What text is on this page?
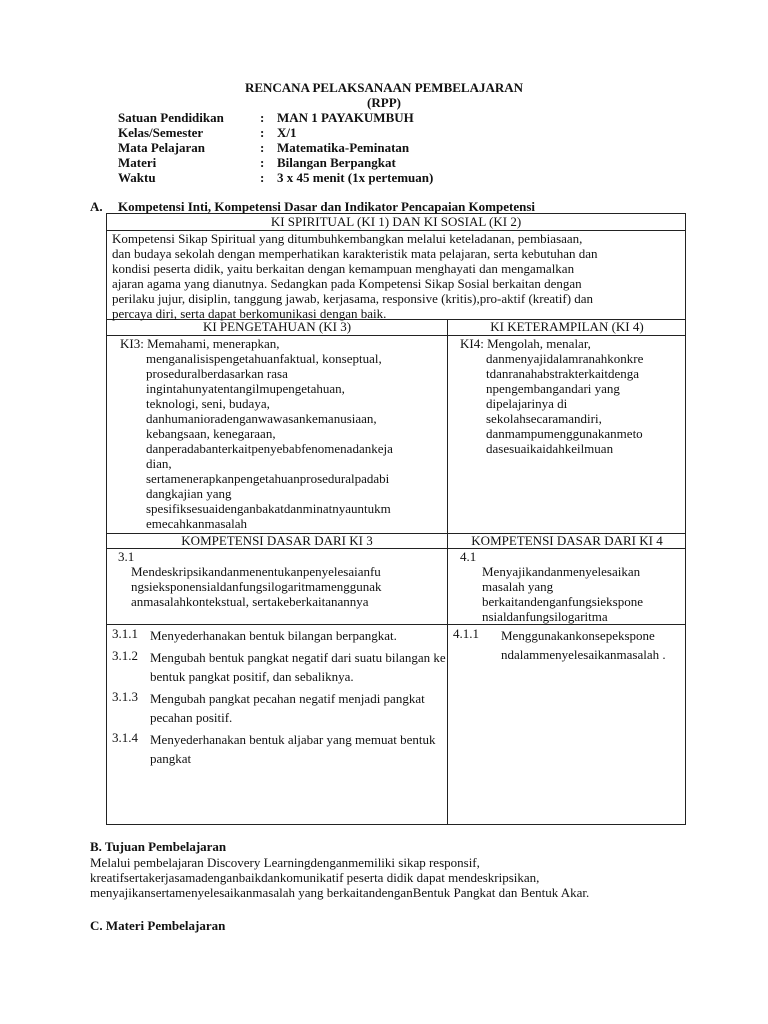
RENCANA PELAKSANAAN PEMBELAJARAN
(RPP)
Satuan Pendidikan	: MAN 1 PAYAKUMBUH
Kelas/Semester	: X/1
Mata Pelajaran	: Matematika-Peminatan
Materi	: Bilangan Berpangkat
Waktu	: 3 x 45 menit (1x pertemuan)
A. Kompetensi Inti, Kompetensi Dasar dan Indikator Pencapaian Kompetensi
KI SPIRITUAL (KI 1) DAN KI SOSIAL (KI 2)
Kompetensi Sikap Spiritual yang ditumbuhkembangkan melalui keteladanan, pembiasaan,
dan budaya sekolah dengan memperhatikan karakteristik mata pelajaran, serta kebutuhan dan
kondisi peserta didik, yaitu berkaitan dengan kemampuan menghayati dan mengamalkan
ajaran agama yang dianutnya. Sedangkan pada Kompetensi Sikap Sosial berkaitan dengan
perilaku jujur, disiplin, tanggung jawab, kerjasama, responsive (kritis),pro-aktif (kreatif) dan
percaya diri, serta dapat berkomunikasi dengan baik.
KI PENGETAHUAN (KI 3)	KI KETERAMPILAN (KI 4)
KI3: Memahami, menerapkan,
menganalisispengetahuanfaktual, konseptual,
proseduralberdasarkan rasa
ingintahunyatentangilmupengetahuan,
teknologi, seni, budaya,
danhumanioradenganwawasankemanusiaan,
kebangsaan, kenegaraan,
danperadabanterkaitpenyebabfenomenadankeja
dian,
sertamenerapkanpengetahuanproseduralpadabi
dangkajian yang
spesifiksesuaidenganbakatdanminatnyauntukm
emecahkanmasalah
KI4: Mengolah, menalar,
danmenyajidalamranahkonkre
tdanranahabstrakterkaitdenga
npengembangandari yang
dipelajarinya di
sekolahsecaramandiri,
danmampumenggunakanmeto
dasesuaikaidahkeilmuan
KOMPETENSI DASAR DARI KI 3	KOMPETENSI DASAR DARI KI 4
3.1
Mendeskripsikandanmenentukanpenyelesaianfu
ngsieksponensialdanfungsilogaritmamenggunak
anmasalahkontekstual, sertakeberkaitanannya
4.1
Menyajikandanmenyelesaikan
masalah yang
berkaitandenganfungsiekspone
nsialdanfungsilogaritma
3.1.1 Menyederhanakan bentuk bilangan berpangkat.
3.1.2 Mengubah bentuk pangkat negatif dari suatu bilangan ke bentuk pangkat positif, dan sebaliknya.
3.1.3 Mengubah pangkat pecahan negatif menjadi pangkat pecahan positif.
3.1.4 Menyederhanakan bentuk aljabar yang memuat bentuk pangkat
4.1.1	Menggunakankonsepekspone ndalammenyelesaikanmasalah .
B. Tujuan Pembelajaran
Melalui pembelajaran Discovery Learningdenganmemiliki sikap responsif,
kreatifsertakerjasamadenganbaikdankomunikatif peserta didik dapat mendeskripsikan,
menyajikansertamenyelesaikanmasalah yang berkaitandenganBentuk Pangkat dan Bentuk Akar.
C. Materi Pembelajaran
